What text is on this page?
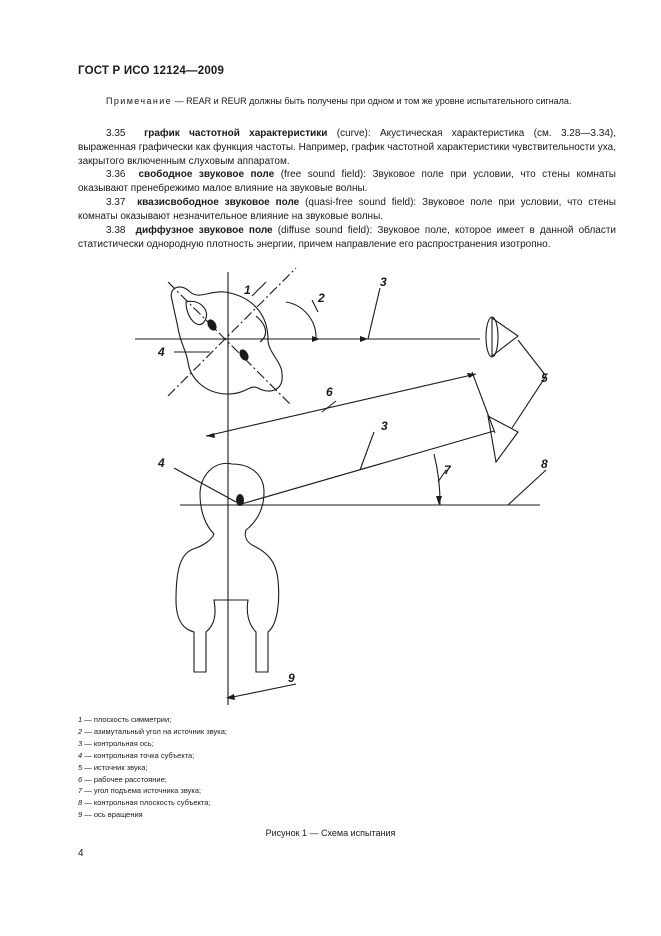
ГОСТ Р ИСО 12124—2009
Примечание — REAR и REUR должны быть получены при одном и том же уровне испытательного сигнала.
3.35 график частотной характеристики (curve): Акустическая характеристика (см. 3.28—3.34), выраженная графически как функция частоты. Например, график частотной характеристики чувствительности уха, закрытого включенным слуховым аппаратом.
3.36 свободное звуковое поле (free sound field): Звуковое поле при условии, что стены комнаты оказывают пренебрежимо малое влияние на звуковые волны.
3.37 квазисвободное звуковое поле (quasi-free sound field): Звуковое поле при условии, что стены комнаты оказывают незначительное влияние на звуковые волны.
3.38 диффузное звуковое поле (diffuse sound field): Звуковое поле, которое имеет в данной области статистически однородную плотность энергии, причем направление его распространения изотропно.
1
2
3
4
5
6
3
4	7	8
9
1 — плоскость симметрии;
2 — азимутальный угол на источник звука;
3 — контрольная ось;
4 — контрольная точка субъекта;
5 — источник звука;
6 — рабочее расстояние;
7 — угол подъема источника звука;
8 — контрольная плоскость субъекта;
9 — ось вращения
Рисунок 1 — Схема испытания
4
